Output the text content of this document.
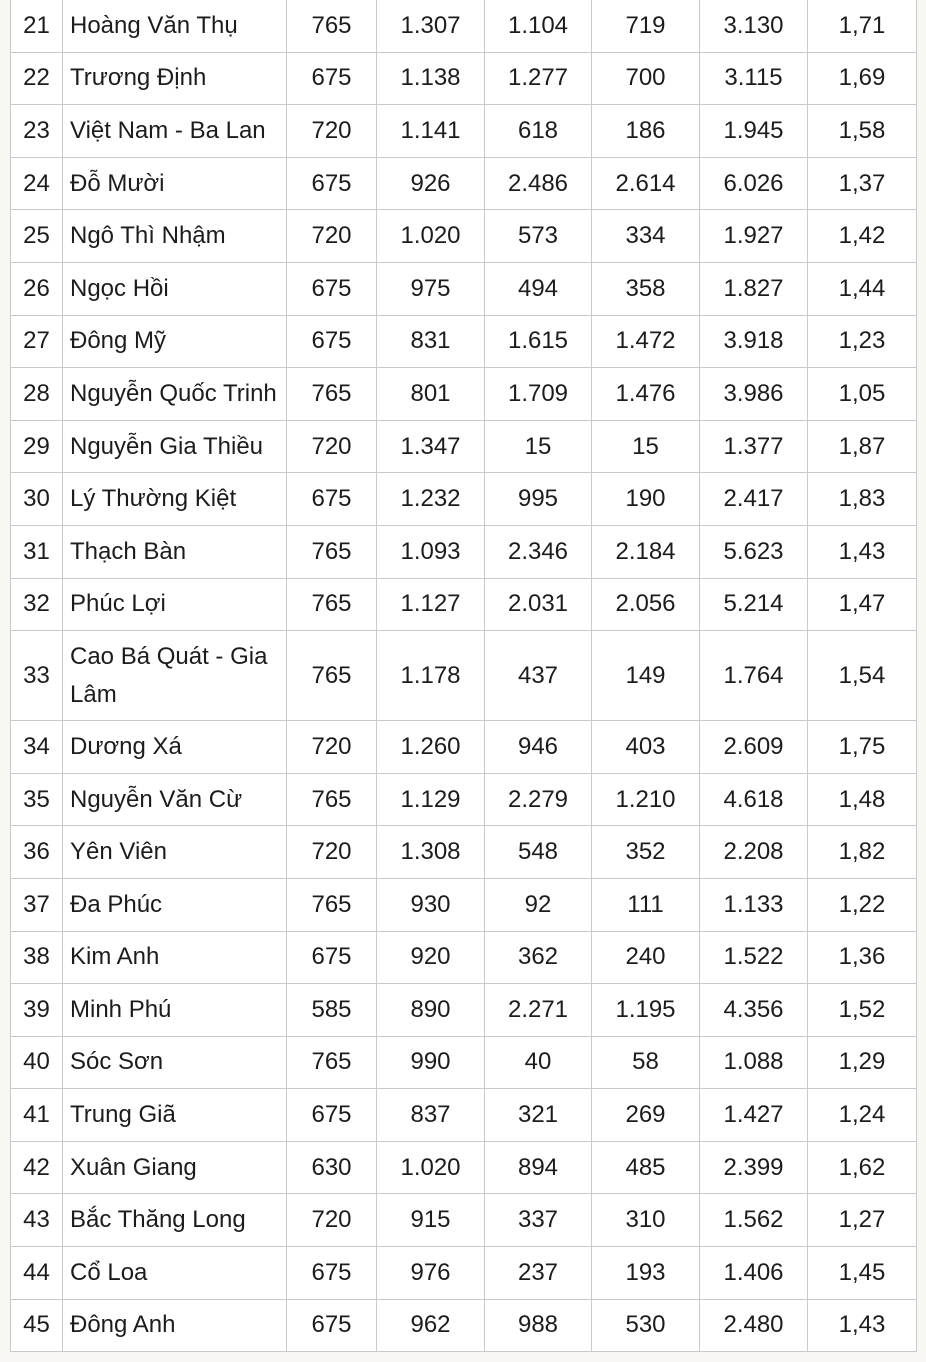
21	Hoàng Văn Thụ	765	1.307	1.104	719	3.130	1,71
22	Trương Định	675	1.138	1.277	700	3.115	1,69
23	Việt Nam - Ba Lan	720	1.141	618	186	1.945	1,58
24	Đỗ Mười	675	926	2.486	2.614	6.026	1,37
25	Ngô Thì Nhậm	720	1.020	573	334	1.927	1,42
26	Ngọc Hồi	675	975	494	358	1.827	1,44
27	Đông Mỹ	675	831	1.615	1.472	3.918	1,23
28	Nguyễn Quốc Trinh	765	801	1.709	1.476	3.986	1,05
29	Nguyễn Gia Thiều	720	1.347	15	15	1.377	1,87
30	Lý Thường Kiệt	675	1.232	995	190	2.417	1,83
31	Thạch Bàn	765	1.093	2.346	2.184	5.623	1,43
32	Phúc Lợi	765	1.127	2.031	2.056	5.214	1,47
33	Cao Bá Quát - Gia Lâm	765	1.178	437	149	1.764	1,54
34	Dương Xá	720	1.260	946	403	2.609	1,75
35	Nguyễn Văn Cừ	765	1.129	2.279	1.210	4.618	1,48
36	Yên Viên	720	1.308	548	352	2.208	1,82
37	Đa Phúc	765	930	92	111	1.133	1,22
38	Kim Anh	675	920	362	240	1.522	1,36
39	Minh Phú	585	890	2.271	1.195	4.356	1,52
40	Sóc Sơn	765	990	40	58	1.088	1,29
41	Trung Giã	675	837	321	269	1.427	1,24
42	Xuân Giang	630	1.020	894	485	2.399	1,62
43	Bắc Thăng Long	720	915	337	310	1.562	1,27
44	Cổ Loa	675	976	237	193	1.406	1,45
45	Đông Anh	675	962	988	530	2.480	1,43
